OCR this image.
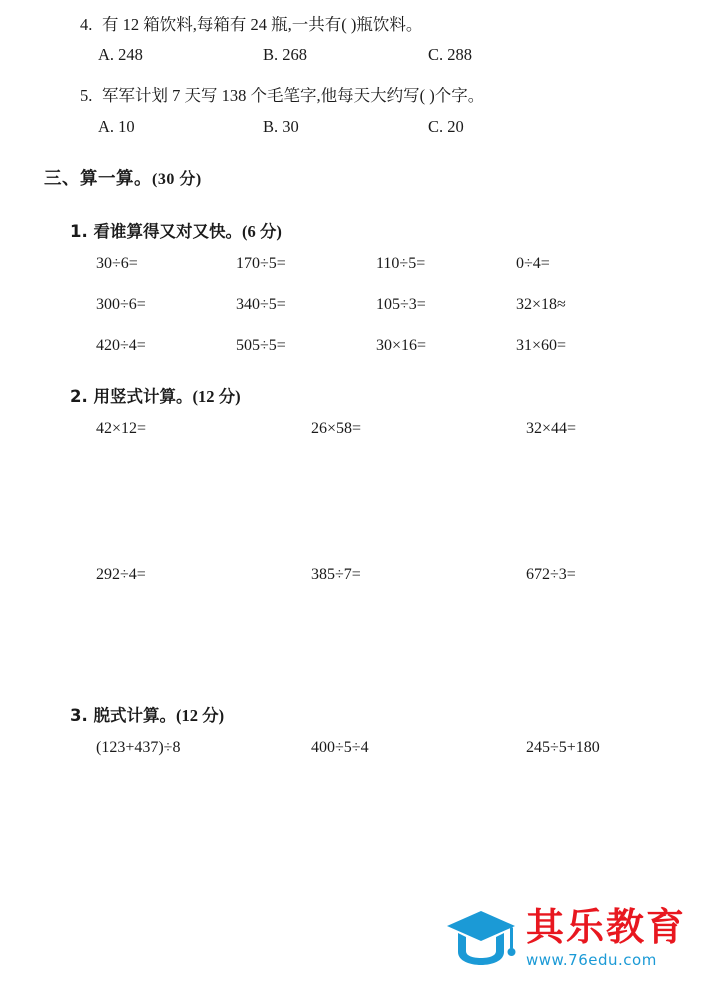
4. 有 12 箱饮料,每箱有 24 瓶,一共有( )瓶饮料。
A. 248	B. 268	C. 288
5. 军军计划 7 天写 138 个毛笔字,他每天大约写( )个字。
A. 10	B. 30	C. 20
三、算一算。(30 分)
1. 看谁算得又对又快。(6 分)
30÷6=	170÷5=	110÷5=	0÷4=
300÷6=	340÷5=	105÷3=	32×18≈
420÷4=	505÷5=	30×16=	31×60=
2. 用竖式计算。(12 分)
42×12=	26×58=	32×44=
292÷4=	385÷7=	672÷3=
3. 脱式计算。(12 分)
(123+437)÷8	400÷5÷4	245÷5+180
其乐教育
www.76edu.com
